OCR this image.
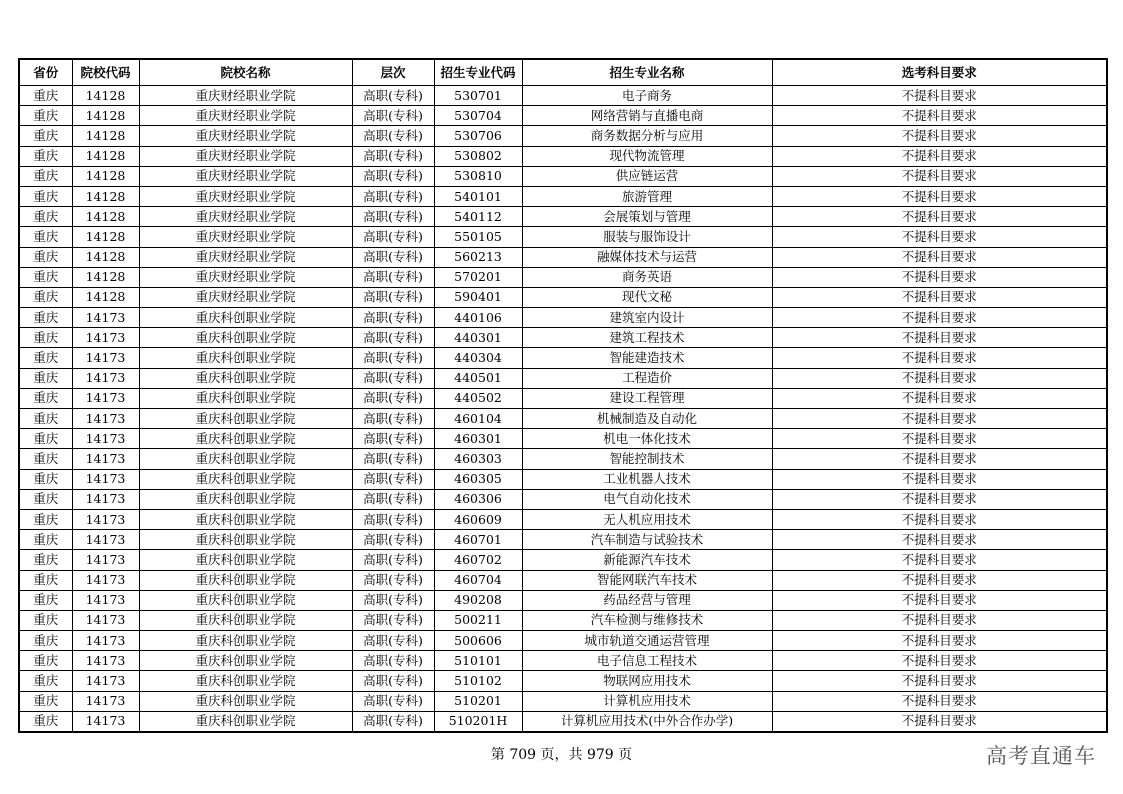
省份	院校代码	院校名称	层次	招生专业代码	招生专业名称	选考科目要求
重庆	14128	重庆财经职业学院	高职(专科)	530701	电子商务	不提科目要求
重庆	14128	重庆财经职业学院	高职(专科)	530704	网络营销与直播电商	不提科目要求
重庆	14128	重庆财经职业学院	高职(专科)	530706	商务数据分析与应用	不提科目要求
重庆	14128	重庆财经职业学院	高职(专科)	530802	现代物流管理	不提科目要求
重庆	14128	重庆财经职业学院	高职(专科)	530810	供应链运营	不提科目要求
重庆	14128	重庆财经职业学院	高职(专科)	540101	旅游管理	不提科目要求
重庆	14128	重庆财经职业学院	高职(专科)	540112	会展策划与管理	不提科目要求
重庆	14128	重庆财经职业学院	高职(专科)	550105	服装与服饰设计	不提科目要求
重庆	14128	重庆财经职业学院	高职(专科)	560213	融媒体技术与运营	不提科目要求
重庆	14128	重庆财经职业学院	高职(专科)	570201	商务英语	不提科目要求
重庆	14128	重庆财经职业学院	高职(专科)	590401	现代文秘	不提科目要求
重庆	14173	重庆科创职业学院	高职(专科)	440106	建筑室内设计	不提科目要求
重庆	14173	重庆科创职业学院	高职(专科)	440301	建筑工程技术	不提科目要求
重庆	14173	重庆科创职业学院	高职(专科)	440304	智能建造技术	不提科目要求
重庆	14173	重庆科创职业学院	高职(专科)	440501	工程造价	不提科目要求
重庆	14173	重庆科创职业学院	高职(专科)	440502	建设工程管理	不提科目要求
重庆	14173	重庆科创职业学院	高职(专科)	460104	机械制造及自动化	不提科目要求
重庆	14173	重庆科创职业学院	高职(专科)	460301	机电一体化技术	不提科目要求
重庆	14173	重庆科创职业学院	高职(专科)	460303	智能控制技术	不提科目要求
重庆	14173	重庆科创职业学院	高职(专科)	460305	工业机器人技术	不提科目要求
重庆	14173	重庆科创职业学院	高职(专科)	460306	电气自动化技术	不提科目要求
重庆	14173	重庆科创职业学院	高职(专科)	460609	无人机应用技术	不提科目要求
重庆	14173	重庆科创职业学院	高职(专科)	460701	汽车制造与试验技术	不提科目要求
重庆	14173	重庆科创职业学院	高职(专科)	460702	新能源汽车技术	不提科目要求
重庆	14173	重庆科创职业学院	高职(专科)	460704	智能网联汽车技术	不提科目要求
重庆	14173	重庆科创职业学院	高职(专科)	490208	药品经营与管理	不提科目要求
重庆	14173	重庆科创职业学院	高职(专科)	500211	汽车检测与维修技术	不提科目要求
重庆	14173	重庆科创职业学院	高职(专科)	500606	城市轨道交通运营管理	不提科目要求
重庆	14173	重庆科创职业学院	高职(专科)	510101	电子信息工程技术	不提科目要求
重庆	14173	重庆科创职业学院	高职(专科)	510102	物联网应用技术	不提科目要求
重庆	14173	重庆科创职业学院	高职(专科)	510201	计算机应用技术	不提科目要求
重庆	14173	重庆科创职业学院	高职(专科)	510201H	计算机应用技术(中外合作办学)	不提科目要求
第 709 页，共 979 页	高考直通车
